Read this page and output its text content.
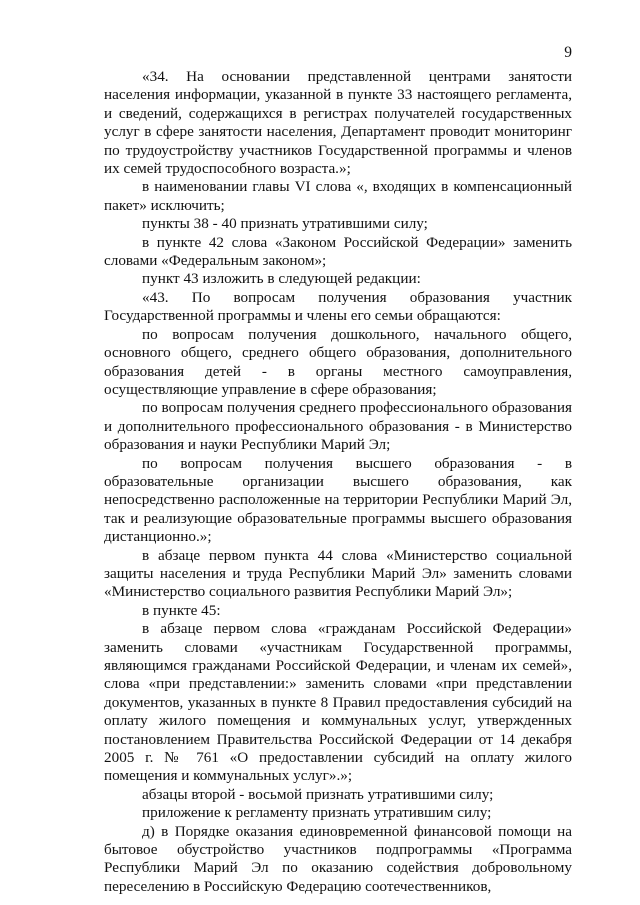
9

«34. На основании представленной центрами занятости населения информации, указанной в пункте 33 настоящего регламента, и сведений, содержащихся в регистрах получателей государственных услуг в сфере занятости населения, Департамент проводит мониторинг по трудоустройству участников Государственной программы и членов их семей трудоспособного возраста.»;

в наименовании главы VI слова «, входящих в компенсационный пакет» исключить;

пункты 38 - 40 признать утратившими силу;

в пункте 42 слова «Законом Российской Федерации» заменить словами «Федеральным законом»;

пункт 43 изложить в следующей редакции:

«43. По вопросам получения образования участник Государственной программы и члены его семьи обращаются:

по вопросам получения дошкольного, начального общего, основного общего, среднего общего образования, дополнительного образования детей - в органы местного самоуправления, осуществляющие управление в сфере образования;

по вопросам получения среднего профессионального образования и дополнительного профессионального образования - в Министерство образования и науки Республики Марий Эл;

по вопросам получения высшего образования - в образовательные организации высшего образования, как непосредственно расположенные на территории Республики Марий Эл, так и реализующие образовательные программы высшего образования дистанционно.»;

в абзаце первом пункта 44 слова «Министерство социальной защиты населения и труда Республики Марий Эл» заменить словами «Министерство социального развития Республики Марий Эл»;

в пункте 45:

в абзаце первом слова «гражданам Российской Федерации» заменить словами «участникам Государственной программы, являющимся гражданами Российской Федерации, и членам их семей», слова «при представлении:» заменить словами «при представлении документов, указанных в пункте 8 Правил предоставления субсидий на оплату жилого помещения и коммунальных услуг, утвержденных постановлением Правительства Российской Федерации от 14 декабря 2005 г. № 761 «О предоставлении субсидий на оплату жилого помещения и коммунальных услуг».»;

абзацы второй - восьмой признать утратившими силу;

приложение к регламенту признать утратившим силу;

д) в Порядке оказания единовременной финансовой помощи на бытовое обустройство участников подпрограммы «Программа Республики Марий Эл по оказанию содействия добровольному переселению в Российскую Федерацию соотечественников,
